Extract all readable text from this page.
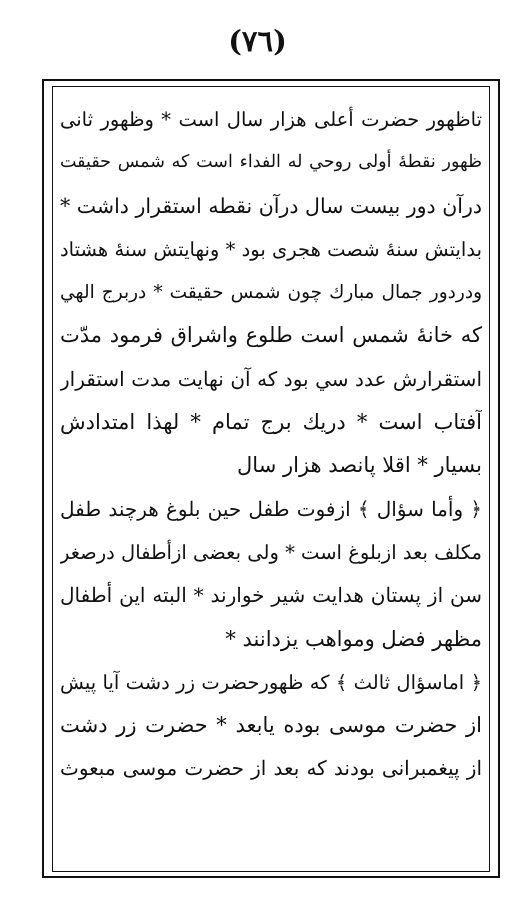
(٧٦)
تاظهور حضرت أعلى هزار سال است * وظهور ثانى
ظهور نقطهٔ أولى روحي له الفداء است كه شمس حقيقت
درآن دور بيست سال درآن نقطه استقرار داشت *
بدايتش سنهٔ شصت هجرى بود * ونهايتش سنهٔ هشتاد
ودردور جمال مبارك چون شمس حقيقت * دربرج الهي
كه خانهٔ شمس است طلوع واشراق فرمود مدّت
استقرارش عدد سي بود كه آن نهايت مدت استقرار
آفتاب است * دريك برج تمام * لهذا امتدادش
بسيار * اقلا پانصد هزار سال
﴿ وأما سؤال ﴾ ازفوت طفل حين بلوغ هرچند طفل
مكلف بعد ازبلوغ است * ولى بعضى ازأطفال درصغر
سن از پستان هدايت شير خوارند * البته اين أطفال
مظهر فضل ومواهب يزدانند *
﴿ اماسؤال ثالث ﴾ كه ظهورحضرت زر دشت آيا پيش
از حضرت موسى بوده يابعد * حضرت زر دشت
از پيغمبرانى بودند كه بعد از حضرت موسى مبعوث
